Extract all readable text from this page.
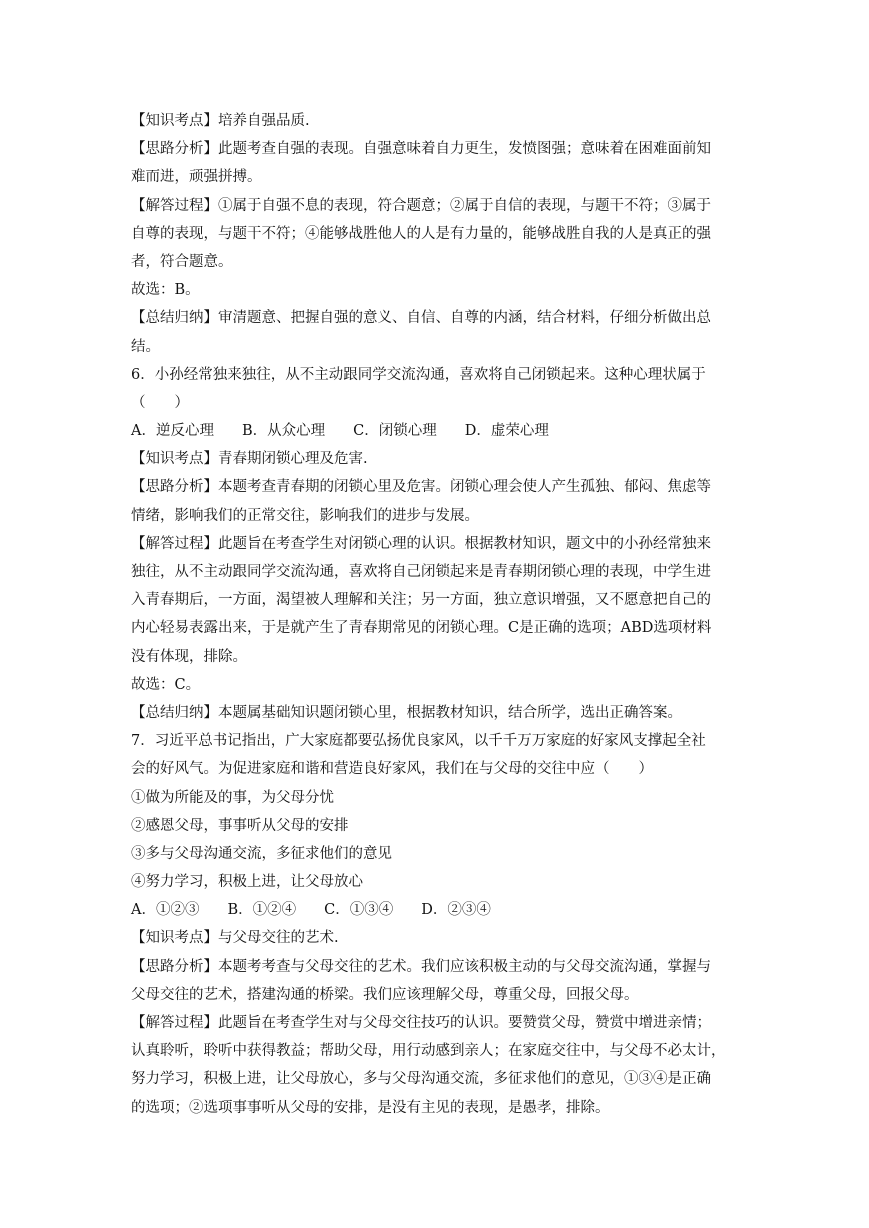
【知识考点】培养自强品质.
【思路分析】此题考查自强的表现。自强意味着自力更生，发愤图强；意味着在困难面前知
难而进，顽强拼搏。
【解答过程】①属于自强不息的表现，符合题意；②属于自信的表现，与题干不符；③属于
自尊的表现，与题干不符；④能够战胜他人的人是有力量的，能够战胜自我的人是真正的强
者，符合题意。
故选：B。
【总结归纳】审清题意、把握自强的意义、自信、自尊的内涵，结合材料，仔细分析做出总
结。
6．小孙经常独来独往，从不主动跟同学交流沟通，喜欢将自己闭锁起来。这种心理状属于
（　　）
A．逆反心理 B．从众心理 C．闭锁心理 D．虚荣心理
【知识考点】青春期闭锁心理及危害.
【思路分析】本题考查青春期的闭锁心里及危害。闭锁心理会使人产生孤独、郁闷、焦虑等
情绪，影响我们的正常交往，影响我们的进步与发展。
【解答过程】此题旨在考查学生对闭锁心理的认识。根据教材知识，题文中的小孙经常独来
独往，从不主动跟同学交流沟通，喜欢将自己闭锁起来是青春期闭锁心理的表现，中学生进
入青春期后，一方面，渴望被人理解和关注；另一方面，独立意识增强，又不愿意把自己的
内心轻易表露出来，于是就产生了青春期常见的闭锁心理。C是正确的选项；ABD选项材料
没有体现，排除。
故选：C。
【总结归纳】本题属基础知识题闭锁心里，根据教材知识，结合所学，选出正确答案。
7．习近平总书记指出，广大家庭都要弘扬优良家风，以千千万万家庭的好家风支撑起全社
会的好风气。为促进家庭和谐和营造良好家风，我们在与父母的交往中应（　　）
①做为所能及的事，为父母分忧
②感恩父母，事事听从父母的安排
③多与父母沟通交流，多征求他们的意见
④努力学习，积极上进，让父母放心
A．①②③ B．①②④ C．①③④ D．②③④
【知识考点】与父母交往的艺术.
【思路分析】本题考考查与父母交往的艺术。我们应该积极主动的与父母交流沟通，掌握与
父母交往的艺术，搭建沟通的桥梁。我们应该理解父母，尊重父母，回报父母。
【解答过程】此题旨在考查学生对与父母交往技巧的认识。要赞赏父母，赞赏中增进亲情；
认真聆听，聆听中获得教益；帮助父母，用行动感到亲人；在家庭交往中，与父母不必太计，
努力学习，积极上进，让父母放心，多与父母沟通交流，多征求他们的意见，①③④是正确
的选项；②选项事事听从父母的安排，是没有主见的表现，是愚孝，排除。
